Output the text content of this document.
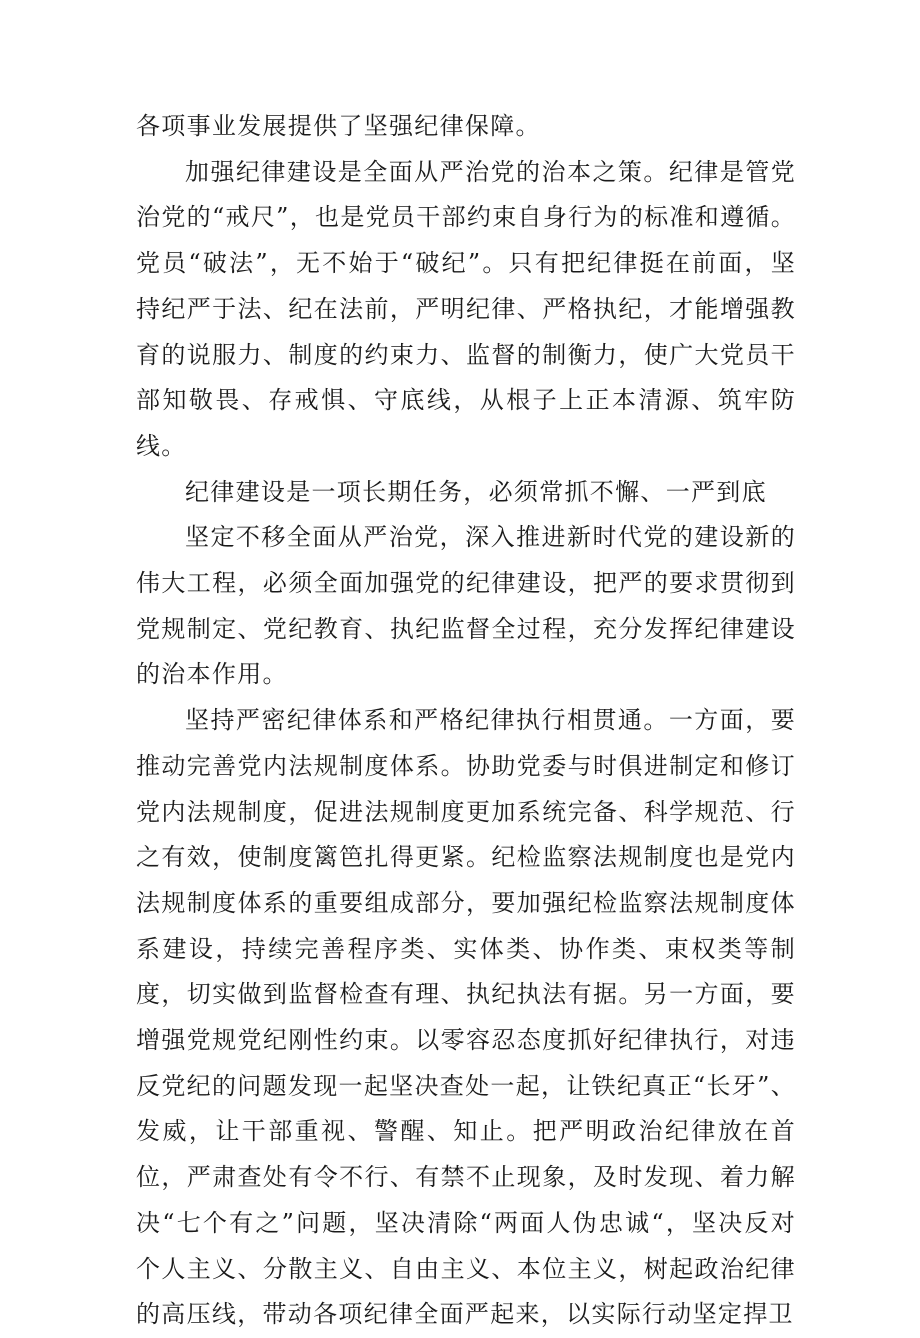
各项事业发展提供了坚强纪律保障。

加强纪律建设是全面从严治党的治本之策。纪律是管党治党的“戒尺”，也是党员干部约束自身行为的标准和遵循。党员“破法”，无不始于“破纪”。只有把纪律挺在前面，坚持纪严于法、纪在法前，严明纪律、严格执纪，才能增强教育的说服力、制度的约束力、监督的制衡力，使广大党员干部知敬畏、存戒惧、守底线，从根子上正本清源、筑牢防线。

纪律建设是一项长期任务，必须常抓不懈、一严到底

坚定不移全面从严治党，深入推进新时代党的建设新的伟大工程，必须全面加强党的纪律建设，把严的要求贯彻到党规制定、党纪教育、执纪监督全过程，充分发挥纪律建设的治本作用。

坚持严密纪律体系和严格纪律执行相贯通。一方面，要推动完善党内法规制度体系。协助党委与时俱进制定和修订党内法规制度，促进法规制度更加系统完备、科学规范、行之有效，使制度篱笆扎得更紧。纪检监察法规制度也是党内法规制度体系的重要组成部分，要加强纪检监察法规制度体系建设，持续完善程序类、实体类、协作类、束权类等制度，切实做到监督检查有理、执纪执法有据。另一方面，要增强党规党纪刚性约束。以零容忍态度抓好纪律执行，对违反党纪的问题发现一起坚决查处一起，让铁纪真正“长牙”、发威，让干部重视、警醒、知止。把严明政治纪律放在首位，严肃查处有令不行、有禁不止现象，及时发现、着力解决“七个有之”问题，坚决清除“两面人伪忠诚“，坚决反对个人主义、分散主义、自由主义、本位主义，树起政治纪律的高压线，带动各项纪律全面严起来，以实际行动坚定捍卫
